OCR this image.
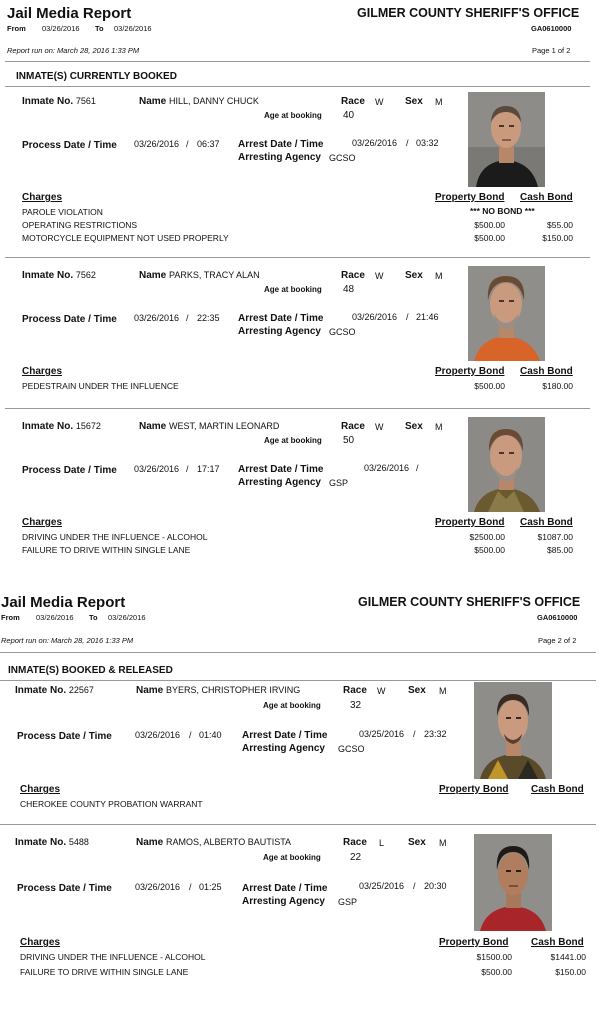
Jail Media Report	GILMER COUNTY SHERIFF'S OFFICE
From 03/26/2016 To 03/26/2016	GA0610000
Report run on: March 28, 2016 1:33 PM	Page 1 of 2
INMATE(S) CURRENTLY BOOKED
Inmate No. 7561	Name HILL, DANNY CHUCK	Race W Sex M
Age at booking 40
Process Date / Time 03/26/2016 / 06:37 Arrest Date / Time	03/26/2016 / 03:32
Arresting Agency GCSO
Charges	Property Bond Cash Bond
PAROLE VIOLATION	*** NO BOND ***
OPERATING RESTRICTIONS	$500.00	$55.00
MOTORCYCLE EQUIPMENT NOT USED PROPERLY	$500.00	$150.00
Inmate No. 7562	Name PARKS, TRACY ALAN	Race W Sex M
Age at booking 48
Process Date / Time 03/26/2016 / 22:35 Arrest Date / Time	03/26/2016 / 21:46
Arresting Agency GCSO
Charges	Property Bond Cash Bond
PEDESTRAIN UNDER THE INFLUENCE	$500.00	$180.00
Inmate No. 15672	Name WEST, MARTIN LEONARD	Race W Sex M
Age at booking 50
Process Date / Time 03/26/2016 / 17:17 Arrest Date / Time	03/26/2016 /
Arresting Agency GSP
Charges	Property Bond Cash Bond
DRIVING UNDER THE INFLUENCE - ALCOHOL	$2500.00	$1087.00
FAILURE TO DRIVE WITHIN SINGLE LANE	$500.00	$85.00
Jail Media Report	GILMER COUNTY SHERIFF'S OFFICE
From 03/26/2016 To 03/26/2016	GA0610000
Report run on: March 28, 2016 1:33 PM	Page 2 of 2
INMATE(S) BOOKED & RELEASED
Inmate No. 22567	Name BYERS, CHRISTOPHER IRVING	Race W Sex M
Age at booking	32
Process Date / Time	03/26/2016 / 01:40 Arrest Date / Time	03/25/2016 / 23:32
Arresting Agency GCSO
Charges	Property Bond Cash Bond
CHEROKEE COUNTY PROBATION WARRANT
Inmate No. 5488	Name RAMOS, ALBERTO BAUTISTA	Race L Sex M
Age at booking	22
Process Date / Time	03/26/2016 / 01:25 Arrest Date / Time	03/25/2016 / 20:30
Arresting Agency GSP
Charges	Property Bond Cash Bond
DRIVING UNDER THE INFLUENCE - ALCOHOL	$1500.00	$1441.00
FAILURE TO DRIVE WITHIN SINGLE LANE	$500.00	$150.00
